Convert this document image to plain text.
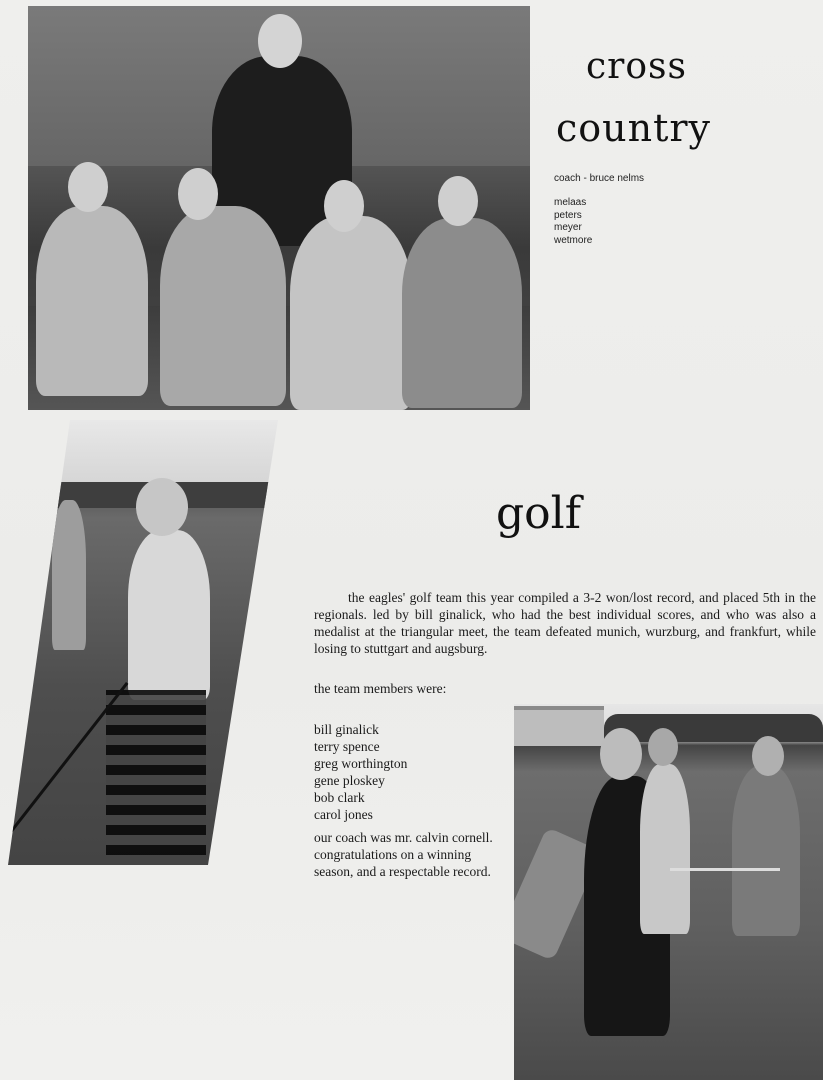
cross
country

coach - bruce nelms

melaas
peters
meyer
wetmore
golf

the eagles' golf team this year compiled a 3-2 won/lost record, and placed 5th in the regionals. led by bill ginalick, who had the best individual scores, and who was also a medalist at the triangular meet, the team defeated munich, wurzburg, and frankfurt, while losing to stuttgart and augsburg.

the team members were:

bill ginalick
terry spence
greg worthington
gene ploskey
bob clark
carol jones

our coach was mr. calvin cornell. congratulations on a winning season, and a respectable record.
